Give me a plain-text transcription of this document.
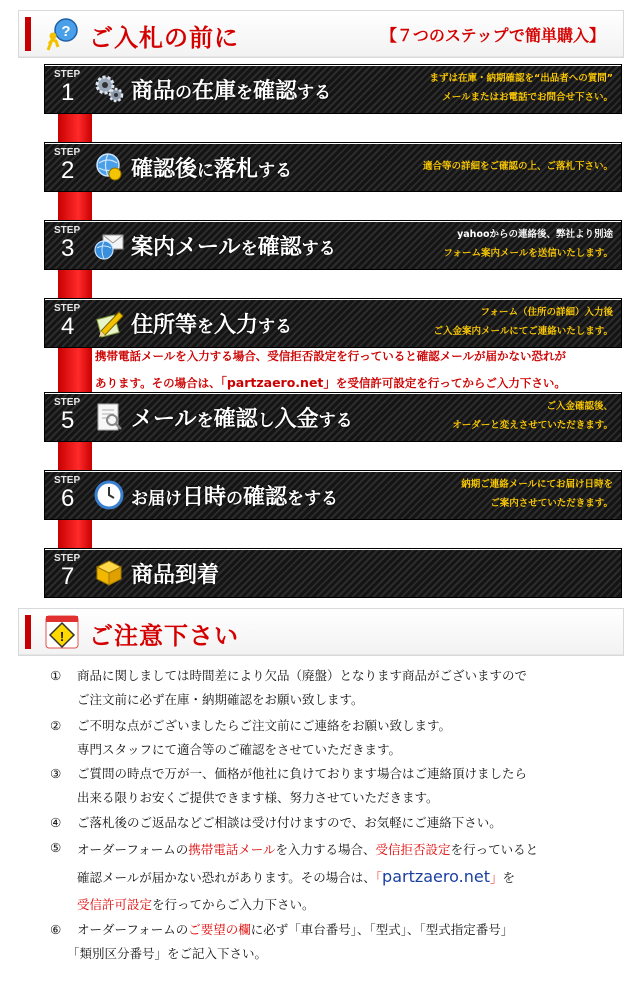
? ご入札の前に	【７つのステップで簡単購入】
STEP
1	商品の在庫を確認する
まずは在庫・納期確認を“出品者への質問”
メールまたはお電話でお問合せ下さい。
STEP
2	確認後に落札する	適合等の詳細をご確認の上、ご落札下さい。
STEP
3	案内メールを確認する
yahooからの連絡後、弊社より別途
フォーム案内メールを送信いたします。
STEP
4	住所等を入力する
フォーム（住所の詳細）入力後
ご入金案内メールにてご連絡いたします。
携帯電話メールを入力する場合、受信拒否設定を行っていると確認メールが届かない恐れが
あります。その場合は、「partzaero.net」を受信許可設定を行ってからご入力下さい。
STEP
5	メールを確認し入金する
ご入金確認後、
オーダーと変えさせていただきます。
STEP
6	お届け日時の確認をする
納期ご連絡メールにてお届け日時を
ご案内させていただきます。
STEP
7	商品到着
! ご注意下さい
① 商品に関しましては時間差により欠品（廃盤）となります商品がございますので
ご注文前に必ず在庫・納期確認をお願い致します。
② ご不明な点がございましたらご注文前にご連絡をお願い致します。
専門スタッフにて適合等のご確認をさせていただきます。
③ ご質問の時点で万が一、価格が他社に負けております場合はご連絡頂けましたら
出来る限りお安くご提供できます様、努力させていただきます。
④ ご落札後のご返品などご相談は受け付けますので、お気軽にご連絡下さい。
⑤ オーダーフォームの携帯電話メールを入力する場合、受信拒否設定を行っていると
確認メールが届かない恐れがあります。その場合は、「partzaero.net」を
受信許可設定を行ってからご入力下さい。
⑥ オーダーフォームのご要望の欄に必ず「車台番号」、「型式」、「型式指定番号」
「類別区分番号」をご記入下さい。
